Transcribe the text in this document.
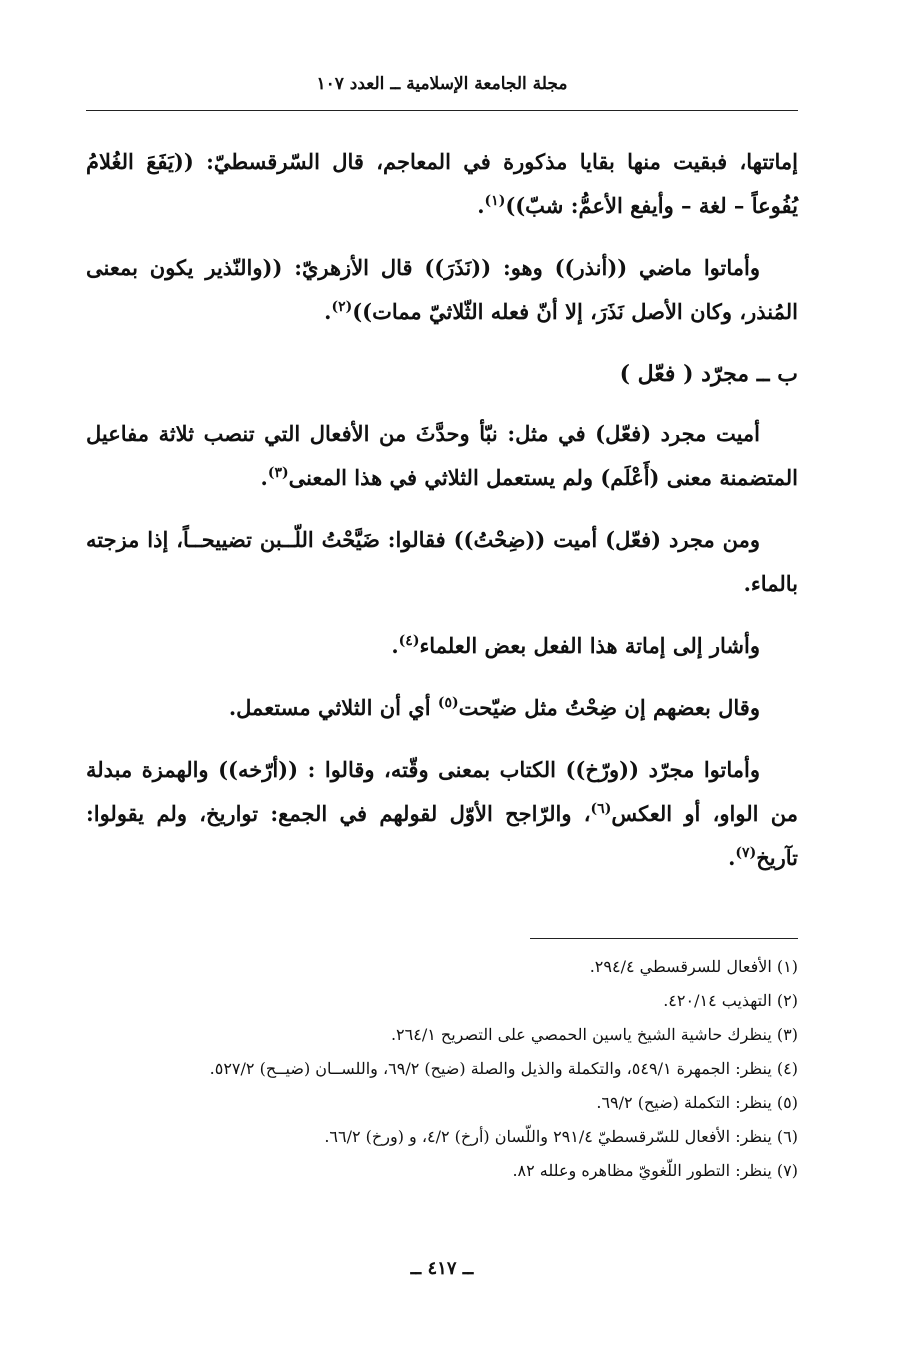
مجلة الجامعة الإسلامية ــ العدد ١٠٧

إماتتها، فبقيت منها بقايا مذكورة في المعاجم، قال السّرقسطيّ: ((يَفَعَ الغُلامُ يُفُوعاً – لغة – وأيفع الأعمُّ: شبّ))$^{(١)}$.

وأماتوا ماضي ((أنذر)) وهو: ((نَذَرَ)) قال الأزهريّ: ((والنّذير يكون بمعنى المُنذر، وكان الأصل نَذَرَ، إلا أنّ فعله الثّلاثيّ ممات))$^{(٢)}$.

ب ــ مجرّد ( فعّل )

أميت مجرد (فعّل) في مثل: نبّأ وحدَّثَ من الأفعال التي تنصب ثلاثة مفاعيل المتضمنة معنى (أَعْلَم) ولم يستعمل الثلاثي في هذا المعنى$^{(٣)}$.

ومن مجرد (فعّل) أميت ((ضِحْتُ)) فقالوا: ضَيَّحْتُ اللّــبن تضييحــاً، إذا مزجته بالماء.

وأشار إلى إماتة هذا الفعل بعض العلماء$^{(٤)}$.

وقال بعضهم إن ضِحْتُ مثل ضيّحت$^{(٥)}$ أي أن الثلاثي مستعمل.

وأماتوا مجرّد ((ورّخ)) الكتاب بمعنى وقّته، وقالوا : ((أرّخه)) والهمزة مبدلة من الواو، أو العكس$^{(٦)}$، والرّاجح الأوّل لقولهم في الجمع: تواريخ، ولم يقولوا: تآريخ$^{(٧)}$.

(١) الأفعال للسرقسطي ٢٩٤/٤.

(٢) التهذيب ٤٢٠/١٤.

(٣) ينظرك حاشية الشيخ ياسين الحمصي على التصريح ٢٦٤/١.

(٤) ينظر: الجمهرة ٥٤٩/١، والتكملة والذيل والصلة (ضيح) ٦٩/٢، واللســان (ضيــح) ٥٢٧/٢.

(٥) ينظر: التكملة (ضيح) ٦٩/٢.

(٦) ينظر: الأفعال للسّرقسطيّ ٢٩١/٤ واللّسان (أرخ) ٤/٢، و (ورخ) ٦٦/٢.

(٧) ينظر: التطور اللّغويّ مظاهره وعلله ٨٢.

ــ ٤١٧ ــ
